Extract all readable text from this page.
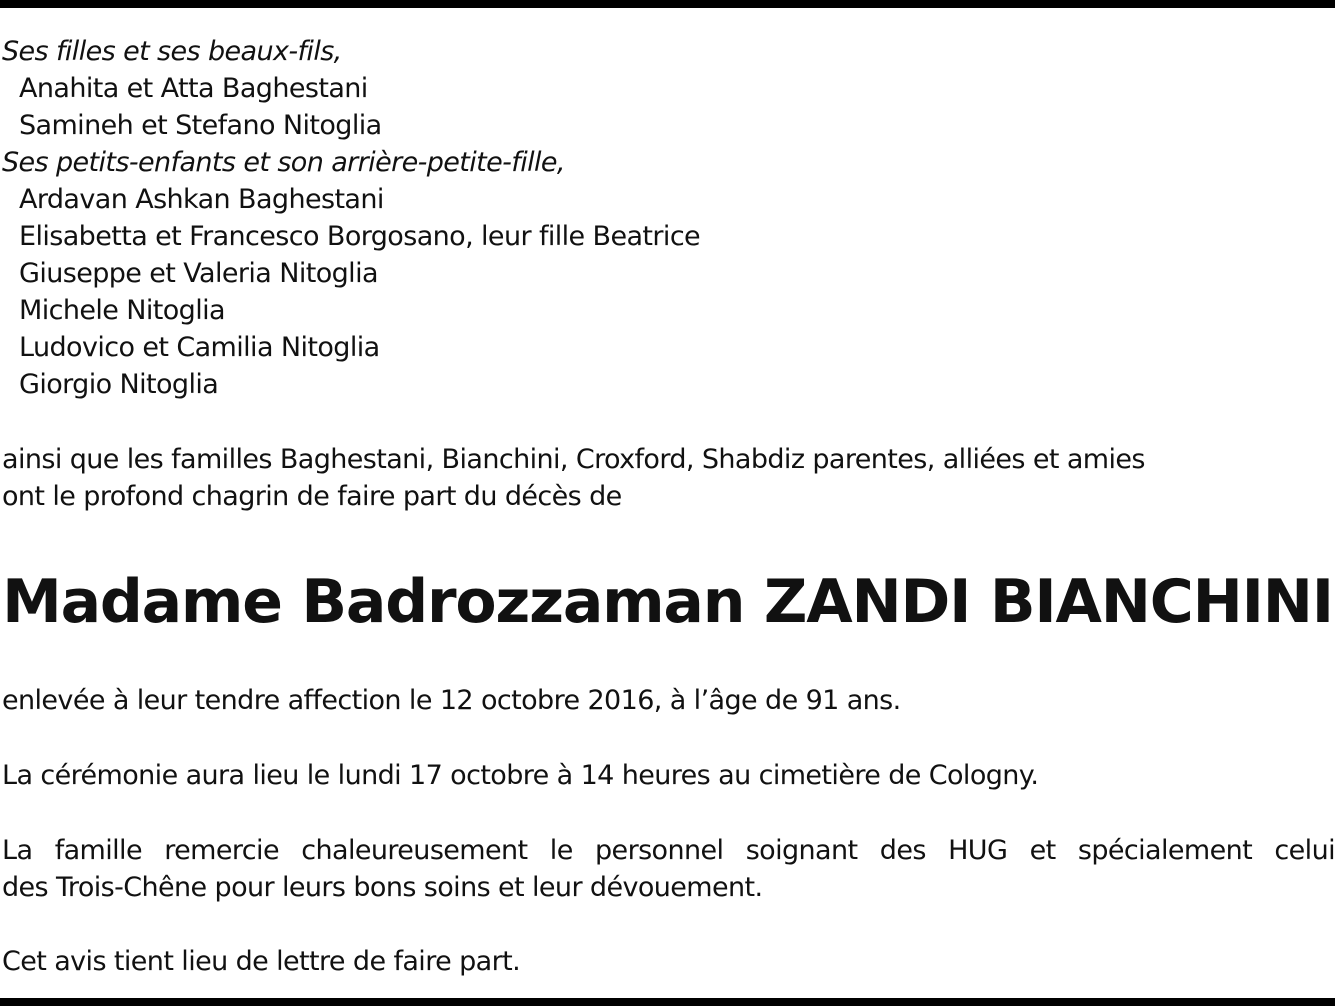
Ses filles et ses beaux-fils,
Anahita et Atta Baghestani
Samineh et Stefano Nitoglia
Ses petits-enfants et son arrière-petite-fille,
Ardavan Ashkan Baghestani
Elisabetta et Francesco Borgosano, leur fille Beatrice
Giuseppe et Valeria Nitoglia
Michele Nitoglia
Ludovico et Camilia Nitoglia
Giorgio Nitoglia
ainsi que les familles Baghestani, Bianchini, Croxford, Shabdiz parentes, alliées et amies
ont le profond chagrin de faire part du décès de
Madame Badrozzaman ZANDI BIANCHINI
enlevée à leur tendre affection le 12 octobre 2016, à l’âge de 91 ans.
La cérémonie aura lieu le lundi 17 octobre à 14 heures au cimetière de Cologny.
La famille remercie chaleureusement le personnel soignant des HUG et spécialement celui
des Trois-Chêne pour leurs bons soins et leur dévouement.
Cet avis tient lieu de lettre de faire part.
